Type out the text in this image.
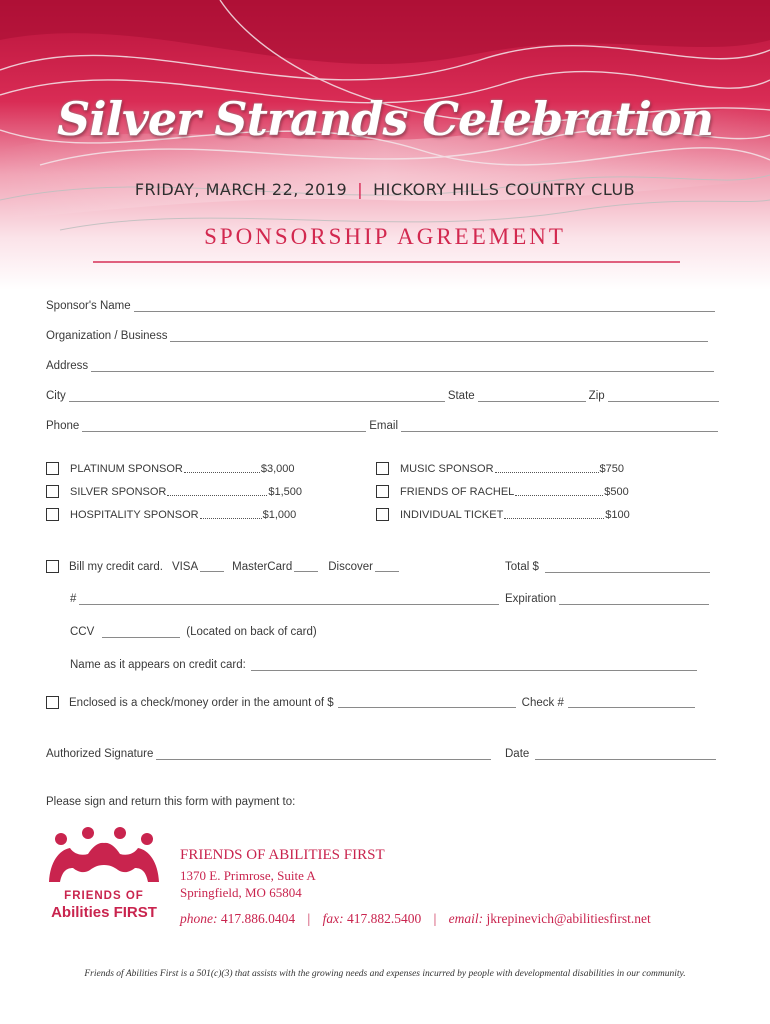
Silver Strands Celebration
FRIDAY, MARCH 22, 2019 | HICKORY HILLS COUNTRY CLUB
SPONSORSHIP AGREEMENT
Sponsor's Name
Organization / Business
Address
City	State	Zip
Phone	Email
PLATINUM SPONSOR	$3,000
SILVER SPONSOR	$1,500
HOSPITALITY SPONSOR	$1,000
MUSIC SPONSOR	$750
FRIENDS OF RACHEL	$500
INDIVIDUAL TICKET	$100
Bill my credit card. VISA	MasterCard	Discover	Total $
#	Expiration
CCV	(Located on back of card)
Name as it appears on credit card:
Enclosed is a check/money order in the amount of $	Check #
Authorized Signature	Date
Please sign and return this form with payment to:
FRIENDS OF
Abilities FIRST
FRIENDS OF ABILITIES FIRST
1370 E. Primrose, Suite A
Springfield, MO 65804
phone: 417.886.0404 | fax: 417.882.5400 | email: jkrepinevich@abilitiesfirst.net
Friends of Abilities First is a 501(c)(3) that assists with the growing needs and expenses incurred by people with developmental disabilities in our community.
